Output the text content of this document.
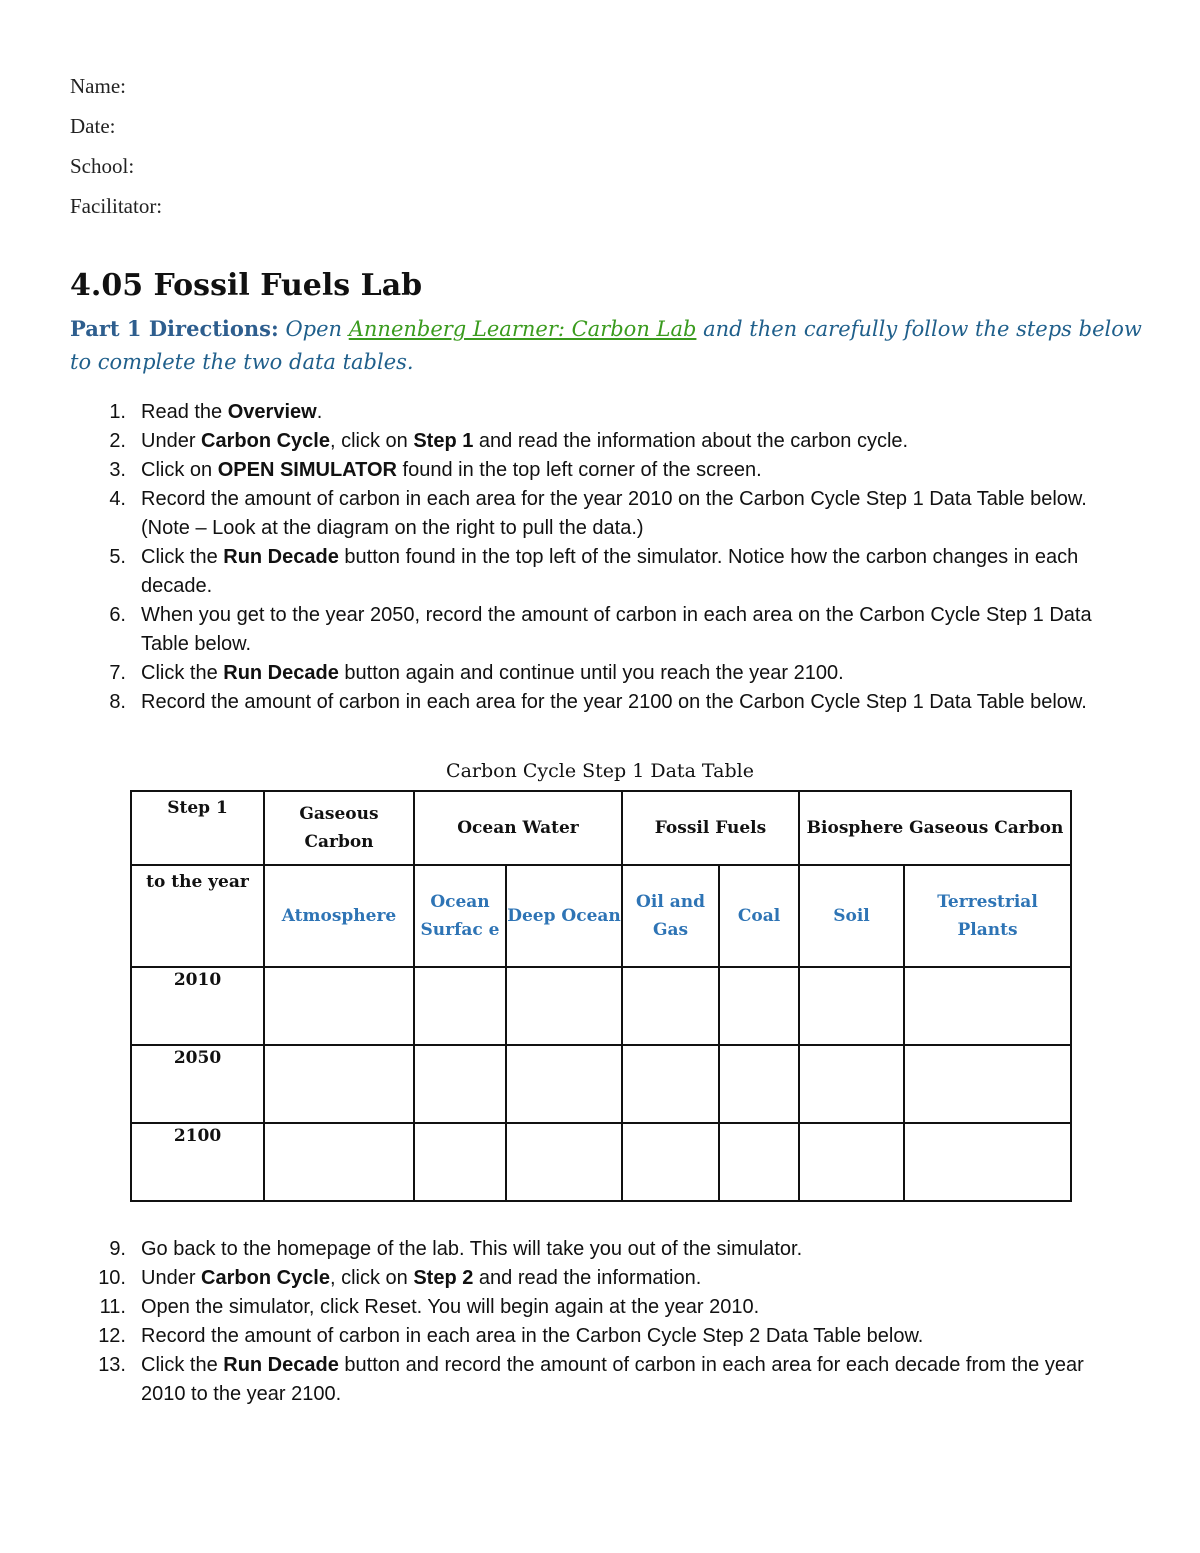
Name:
Date:
School:
Facilitator:
4.05 Fossil Fuels Lab

Part 1 Directions: Open Annenberg Learner: Carbon Lab and then carefully follow the steps below to complete the two data tables.

1. Read the Overview.
2. Under Carbon Cycle, click on Step 1 and read the information about the carbon cycle.
3. Click on OPEN SIMULATOR found in the top left corner of the screen.
4. Record the amount of carbon in each area for the year 2010 on the Carbon Cycle Step 1 Data Table below. (Note – Look at the diagram on the right to pull the data.)
5. Click the Run Decade button found in the top left of the simulator. Notice how the carbon changes in each decade.
6. When you get to the year 2050, record the amount of carbon in each area on the Carbon Cycle Step 1 Data Table below.
7. Click the Run Decade button again and continue until you reach the year 2100.
8. Record the amount of carbon in each area for the year 2100 on the Carbon Cycle Step 1 Data Table below.
Carbon Cycle Step 1 Data Table
Step 1	Gaseous Carbon	Ocean Water		Fossil Fuels		Biosphere Gaseous Carbon	
to the year	Atmosphere	Ocean Surfac e	Deep Ocean	Oil and Gas	Coal	Soil	Terrestrial Plants
2010							
2050							
2100							
9. Go back to the homepage of the lab. This will take you out of the simulator.
10. Under Carbon Cycle, click on Step 2 and read the information.
11. Open the simulator, click Reset. You will begin again at the year 2010.
12. Record the amount of carbon in each area in the Carbon Cycle Step 2 Data Table below.
13. Click the Run Decade button and record the amount of carbon in each area for each decade from the year 2010 to the year 2100.
